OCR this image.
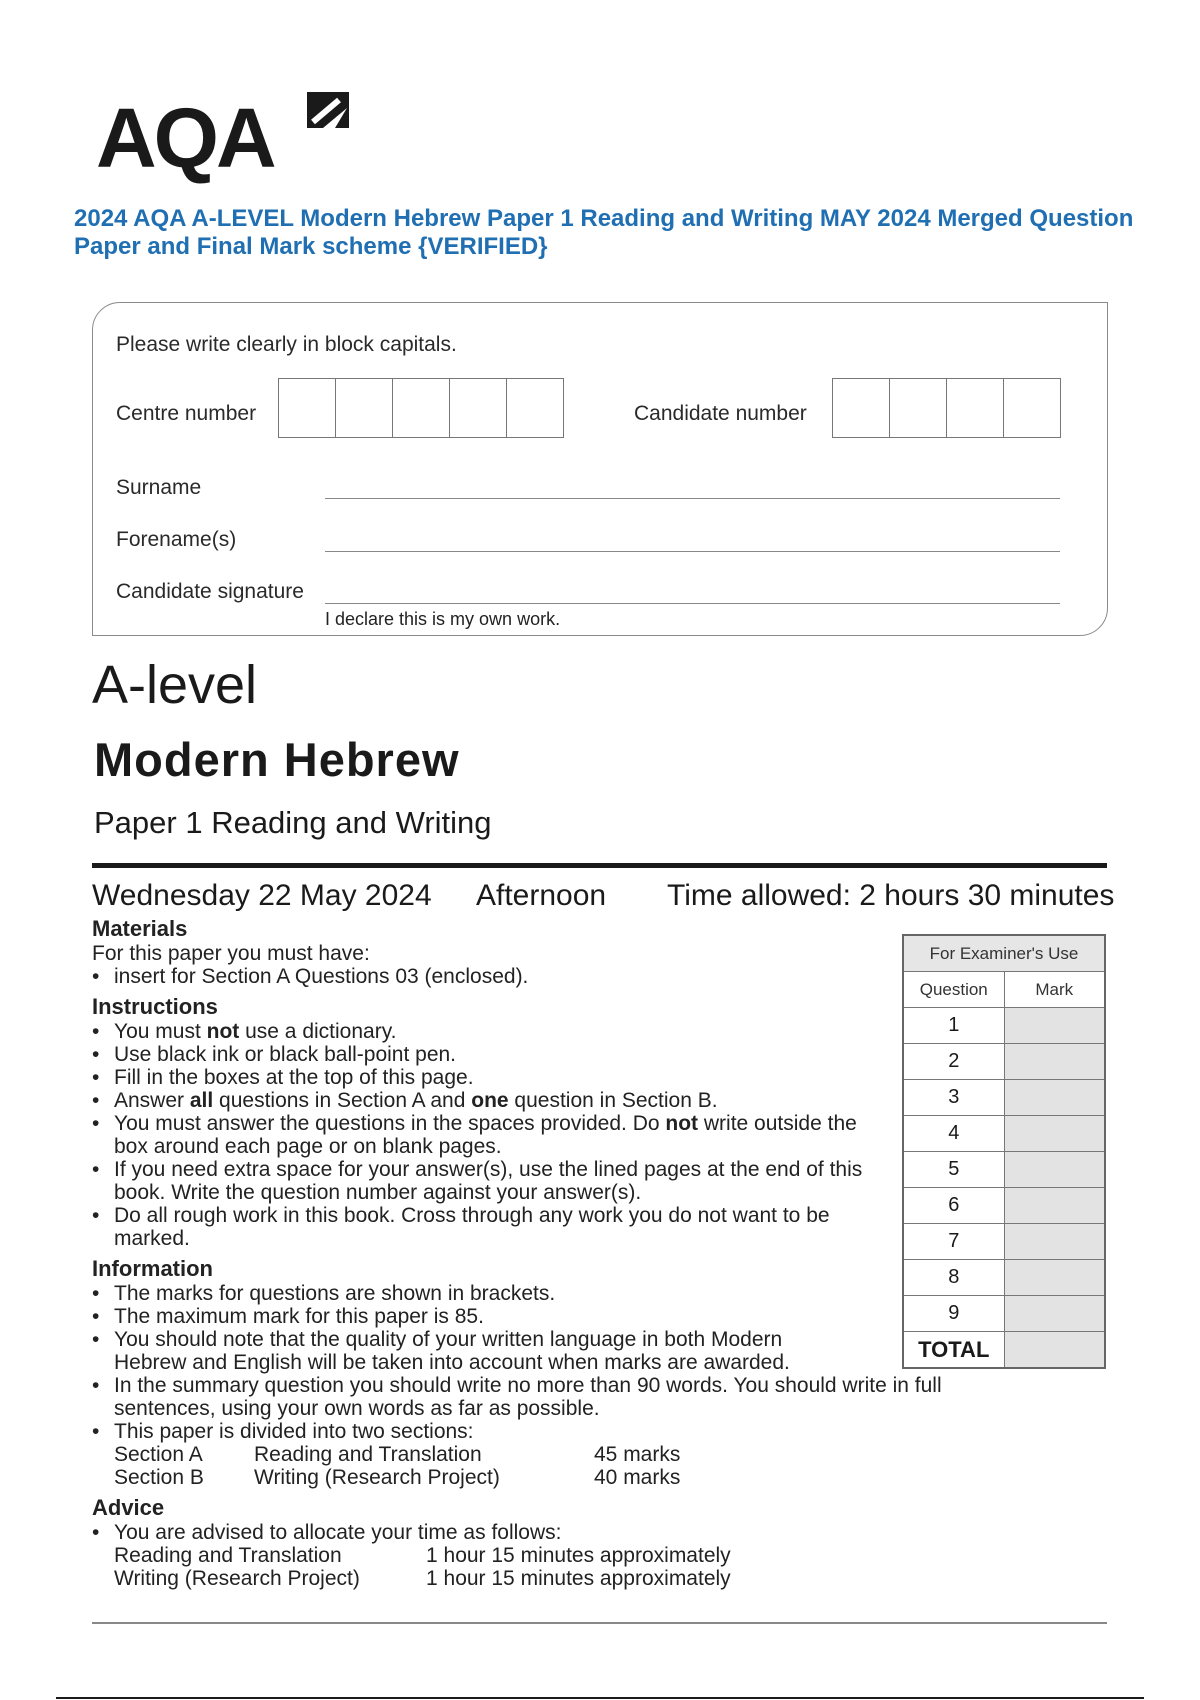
AQA
2024 AQA A-LEVEL Modern Hebrew Paper 1 Reading and Writing MAY 2024 Merged Question Paper and Final Mark scheme {VERIFIED}
Please write clearly in block capitals.
Centre number	Candidate number
Surname
Forename(s)
Candidate signature
I declare this is my own work.
A-level
Modern Hebrew
Paper 1 Reading and Writing
Wednesday 22 May 2024 Afternoon Time allowed: 2 hours 30 minutes
Materials
For this paper you must have:
• insert for Section A Questions 03 (enclosed).
Instructions
• You must not use a dictionary.
• Use black ink or black ball-point pen.
• Fill in the boxes at the top of this page.
• Answer all questions in Section A and one question in Section B.
• You must answer the questions in the spaces provided. Do not write outside the box around each page or on blank pages.
• If you need extra space for your answer(s), use the lined pages at the end of this book. Write the question number against your answer(s).
• Do all rough work in this book. Cross through any work you do not want to be marked.
Information
• The marks for questions are shown in brackets.
• The maximum mark for this paper is 85.
• You should note that the quality of your written language in both Modern Hebrew and English will be taken into account when marks are awarded.
• In the summary question you should write no more than 90 words. You should write in full sentences, using your own words as far as possible.
• This paper is divided into two sections:
Section A	Reading and Translation	45 marks
Section B	Writing (Research Project)	40 marks
Advice
• You are advised to allocate your time as follows:
Reading and Translation	1 hour 15 minutes approximately
Writing (Research Project)	1 hour 15 minutes approximately
For Examiner's Use	
Question	Mark
1	
2	
3	
4	
5	
6	
7	
8	
9	
TOTAL	
